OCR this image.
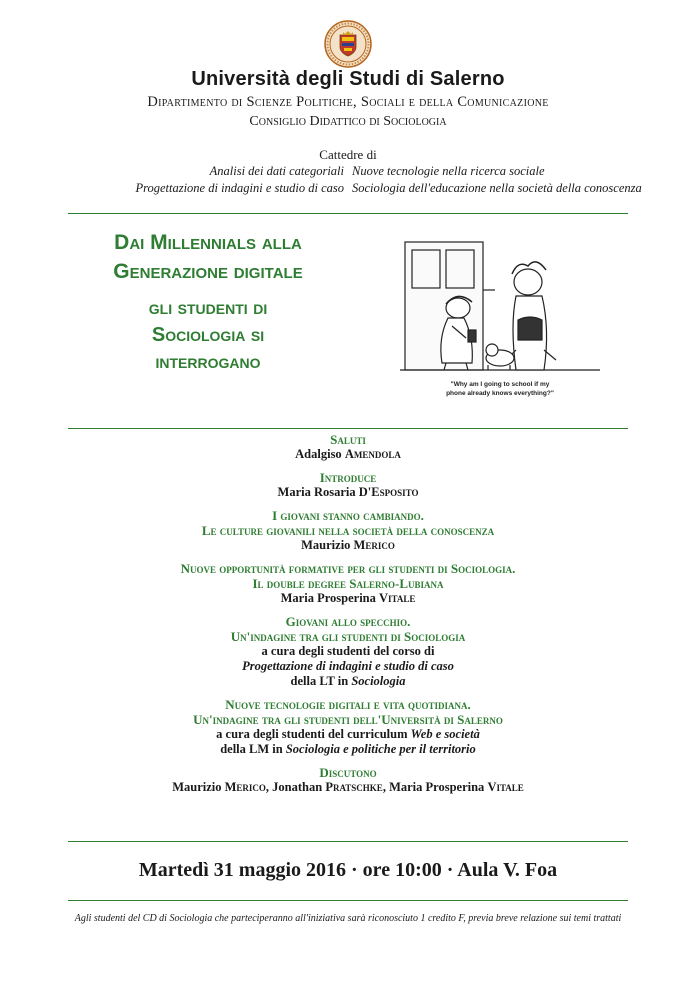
Università degli Studi di Salerno
Dipartimento di Scienze Politiche, Sociali e della Comunicazione
Consiglio Didattico di Sociologia
Cattedre di
Analisi dei dati categoriali
Progettazione di indagini e studio di caso
Nuove tecnologie nella ricerca sociale
Sociologia dell'educazione nella società della conoscenza
Dai Millennials alla
Generazione digitale
gli studenti di
Sociologia si
interrogano
"Why am I going to school if my
phone already knows everything?"
Saluti
Adalgiso Amendola
Introduce
Maria Rosaria D'Esposito
I giovani stanno cambiando.
Le culture giovanili nella società della conoscenza
Maurizio Merico
Nuove opportunità formative per gli studenti di Sociologia.
Il double degree Salerno-Lubiana
Maria Prosperina Vitale
Giovani allo specchio.
Un'indagine tra gli studenti di Sociologia
a cura degli studenti del corso di
Progettazione di indagini e studio di caso
della LT in Sociologia
Nuove tecnologie digitali e vita quotidiana.
Un'indagine tra gli studenti dell'Università di Salerno
a cura degli studenti del curriculum Web e società
della LM in Sociologia e politiche per il territorio
Discutono
Maurizio Merico, Jonathan Pratschke, Maria Prosperina Vitale
Martedì 31 maggio 2016 · ore 10:00 · Aula V. Foa
Agli studenti del CD di Sociologia che parteciperanno all'iniziativa sarà riconosciuto 1 credito F, previa breve relazione sui temi trattati
